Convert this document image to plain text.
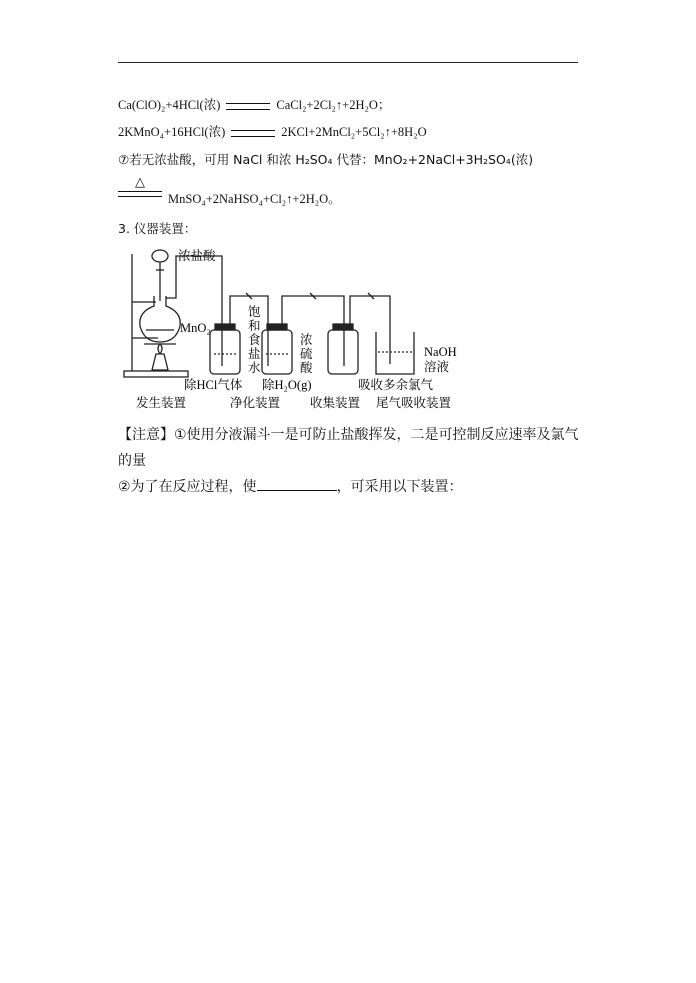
Ca(ClO)₂+4HCl(浓)	CaCl₂+2Cl₂↑+2H₂O；
2KMnO₄+16HCl(浓)	2KCl+2MnCl₂+5Cl₂↑+8H₂O
⑦若无浓盐酸，可用 NaCl 和浓 H₂SO₄ 代替：MnO₂+2NaCl+3H₂SO₄(浓)
△
MnSO₄+2NaHSO₄+Cl₂↑+2H₂O。
3. 仪器装置：
浓盐酸
MnO₂
饱
和
食
盐
水
浓
硫
酸
NaOH
溶液
除HCl气体 除H₂O(g)	吸收多余氯气
发生装置	净化装置 收集装置 尾气吸收装置
【注意】①使用分液漏斗一是可防止盐酸挥发，二是可控制反应速率及氯气的量
②为了在反应过程，使	，可采用以下装置：
